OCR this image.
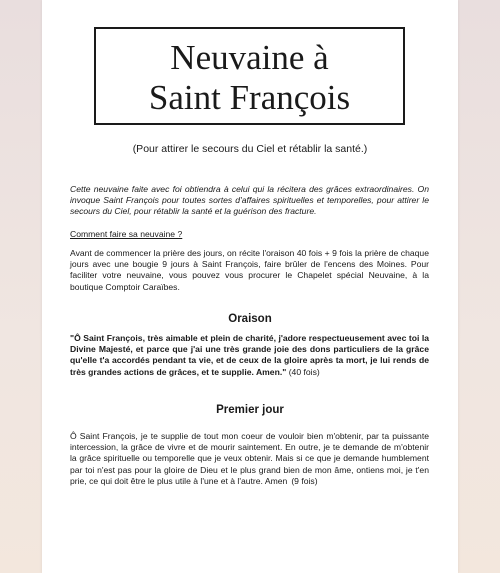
Neuvaine à
Saint François
(Pour attirer le secours du Ciel et rétablir la santé.)
Cette neuvaine faite avec foi obtiendra à celui qui la récitera des grâces extraordinaires. On invoque Saint François pour toutes sortes d'affaires spirituelles et temporelles, pour attirer le secours du Ciel, pour rétablir la santé et la guérison des fracture.
Comment faire sa neuvaine ?
Avant de commencer la prière des jours, on récite l'oraison 40 fois + 9 fois la prière de chaque jours avec une bougie 9 jours à Saint François, faire brûler de l'encens des Moines. Pour faciliter votre neuvaine, vous pouvez vous procurer le Chapelet spécial Neuvaine, à la boutique Comptoir Caraïbes.
Oraison
"Ô Saint François, très aimable et plein de charité, j'adore respectueusement avec toi la Divine Majesté, et parce que j'ai une très grande joie des dons particuliers de la grâce qu'elle t'a accordés pendant ta vie, et de ceux de la gloire après ta mort, je lui rends de très grandes actions de grâces, et te supplie. Amen." (40 fois)
Premier jour
Ô Saint François, je te supplie de tout mon coeur de vouloir bien m'obtenir, par ta puissante intercession, la grâce de vivre et de mourir saintement. En outre, je te demande de m'obtenir la grâce spirituelle ou temporelle que je veux obtenir. Mais si ce que je demande humblement par toi n'est pas pour la gloire de Dieu et le plus grand bien de mon âme, ontiens moi, je t'en prie, ce qui doit être le plus utile à l'une et à l'autre. Amen (9 fois)
